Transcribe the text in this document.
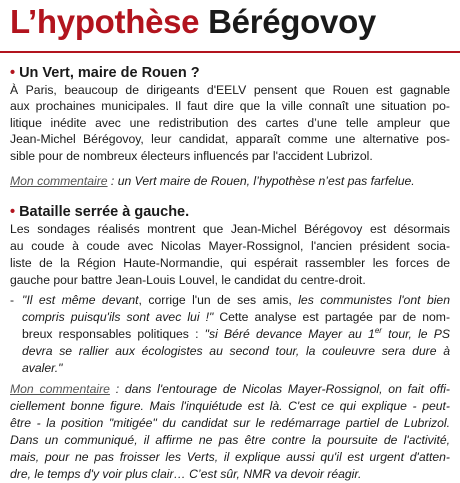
L’hypothèse Bérégovoy
• Un Vert, maire de Rouen ?

À Paris, beaucoup de dirigeants d'EELV pensent que Rouen est gagnable

aux prochaines municipales. Il faut dire que la ville connaît une situation po-

litique inédite avec une redistribution des cartes d’une telle ampleur que

Jean-Michel Bérégovoy, leur candidat, apparaît comme une alternative pos-

sible pour de nombreux électeurs influencés par l'accident Lubrizol.

Mon commentaire : un Vert maire de Rouen, l’hypothèse n’est pas farfelue.

• Bataille serrée à gauche.

Les sondages réalisés montrent que Jean-Michel Bérégovoy est désormais

au coude à coude avec Nicolas Mayer-Rossignol, l'ancien président socia-

liste de la Région Haute-Normandie, qui espérait rassembler les forces de

gauche pour battre Jean-Louis Louvel, le candidat du centre-droit.

- "Il est même devant, corrige l'un de ses amis, les communistes l'ont bien

compris puisqu'ils sont avec lui !" Cette analyse est partagée par de nom-

breux responsables politiques : "si Béré devance Mayer au 1er tour, le PS

devra se rallier aux écologistes au second tour, la couleuvre sera dure à

avaler."

Mon commentaire : dans l'entourage de Nicolas Mayer-Rossignol, on fait offi-

ciellement bonne figure. Mais l'inquiétude est là. C'est ce qui explique - peut-

être - la position "mitigée" du candidat sur le redémarrage partiel de Lubrizol.

Dans un communiqué, il affirme ne pas être contre la poursuite de l'activité,

mais, pour ne pas froisser les Verts, il explique aussi qu'il est urgent d'atten-

dre, le temps d'y voir plus clair… C’est sûr, NMR va devoir réagir.
